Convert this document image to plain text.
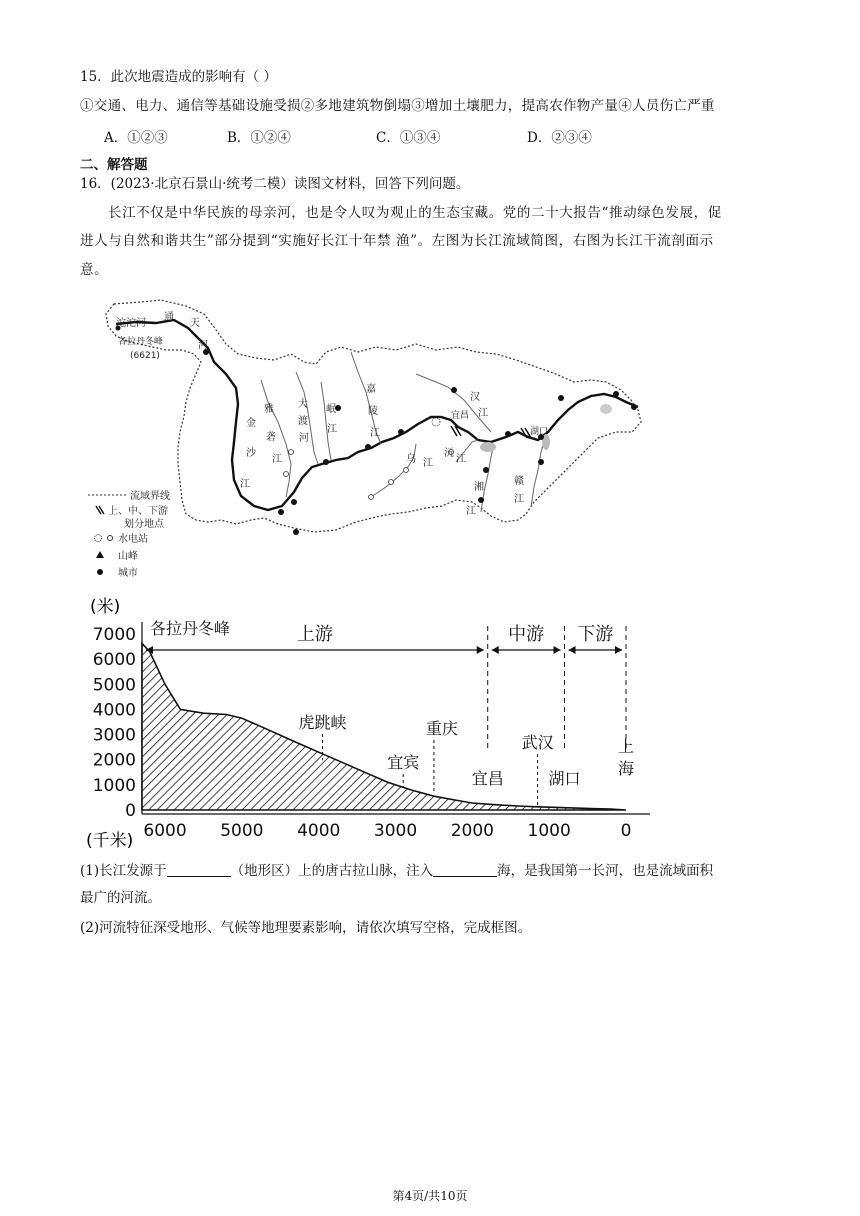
15．此次地震造成的影响有（ ）
①交通、电力、通信等基础设施受损②多地建筑物倒塌③增加土壤肥力，提高农作物产量④人员伤亡严重
A．①②③	B．①②④	C．①③④	D．②③④
二、解答题
16．(2023·北京石景山·统考二模）读图文材料，回答下列问题。
长江不仅是中华民族的母亲河，也是令人叹为观止的生态宝藏。党的二十大报告“推动绿色发展，促
进人与自然和谐共生”部分提到“实施好长江十年禁 渔”。左图为长江流域简图，右图为长江干流剖面示
意。
沱沱河
通
天
河
各拉丹冬峰
(6621)
金
沙
江
雅
砻
江
大
渡
河
岷
江
嘉
陵
江
宜昌
汉
江
乌 江
沅
江
湘
江
湖口
赣
江
流域界线
上、中、下游
划分地点
水电站
山峰
城市
7000
6000
5000
4000
3000
2000
1000
0
6000 5000 4000 3000 2000 1000	0
上游	中游 下游
各拉丹冬峰
虎跳峡
宜宾
重庆
宜昌
武汉
湖口
上
海
(米)
(千米)
(1)长江发源于	（地形区）上的唐古拉山脉，注入	海，是我国第一长河，也是流域面积
最广的河流。
(2)河流特征深受地形、气候等地理要素影响，请依次填写空格，完成框图。
第4页/共10页
